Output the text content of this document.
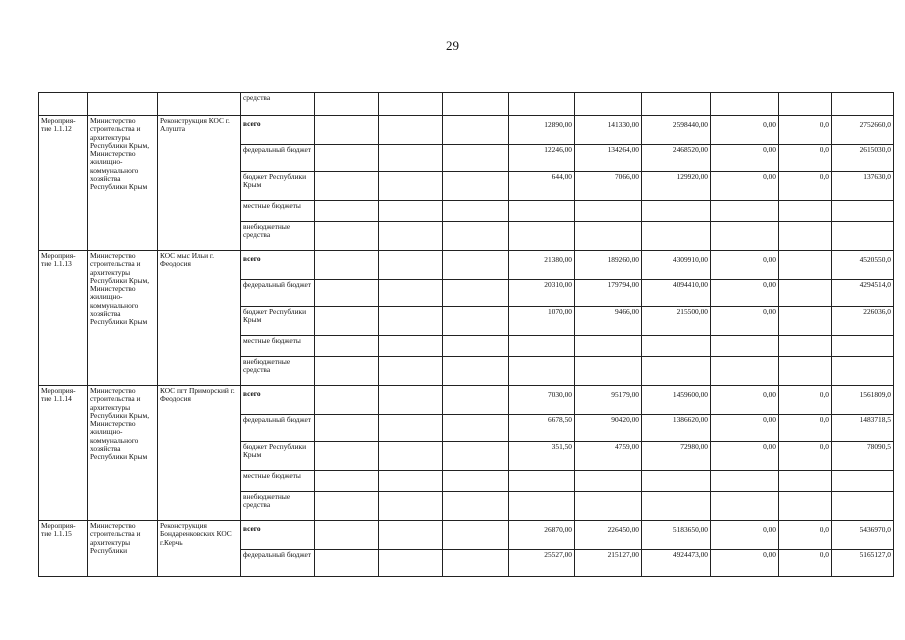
29
			средства									
Мероприя-тие 1.1.12	Министерство строительства и архитектуры Республики Крым, Министерство жилищно-коммунального хозяйства Республики Крым	Реконструкция КОС г. Алушта	всего				12890,00	141330,00	2598440,00	0,00	0,0	2752660,0
			федеральный бюджет				12246,00	134264,00	2468520,00	0,00	0,0	2615030,0
			бюджет Республики Крым				644,00	7066,00	129920,00	0,00	0,0	137630,0
			местные бюджеты									
			внебюджетные средства									
Мероприя-тие 1.1.13	Министерство строительства и архитектуры Республики Крым, Министерство жилищно-коммунального хозяйства Республики Крым	КОС мыс Ильи г. Феодосия	всего				21380,00	189260,00	4309910,00	0,00		4520550,0
			федеральный бюджет				20310,00	179794,00	4094410,00	0,00		4294514,0
			бюджет Республики Крым				1070,00	9466,00	215500,00	0,00		226036,0
			местные бюджеты									
			внебюджетные средства									
Мероприя-тие 1.1.14	Министерство строительства и архитектуры Республики Крым, Министерство жилищно-коммунального хозяйства Республики Крым	КОС пгт Приморский г. Феодосия	всего				7030,00	95179,00	1459600,00	0,00	0,0	1561809,0
			федеральный бюджет				6678,50	90420,00	1386620,00	0,00	0,0	1483718,5
			бюджет Республики Крым				351,50	4759,00	72980,00	0,00	0,0	78090,5
			местные бюджеты									
			внебюджетные средства									
Мероприя-тие 1.1.15	Министерство строительства и архитектуры Республики	Реконструкция Бондаренковских КОС г.Керчь	всего				26870,00	226450,00	5183650,00	0,00	0,0	5436970,0
			федеральный бюджет				25527,00	215127,00	4924473,00	0,00	0,0	5165127,0
